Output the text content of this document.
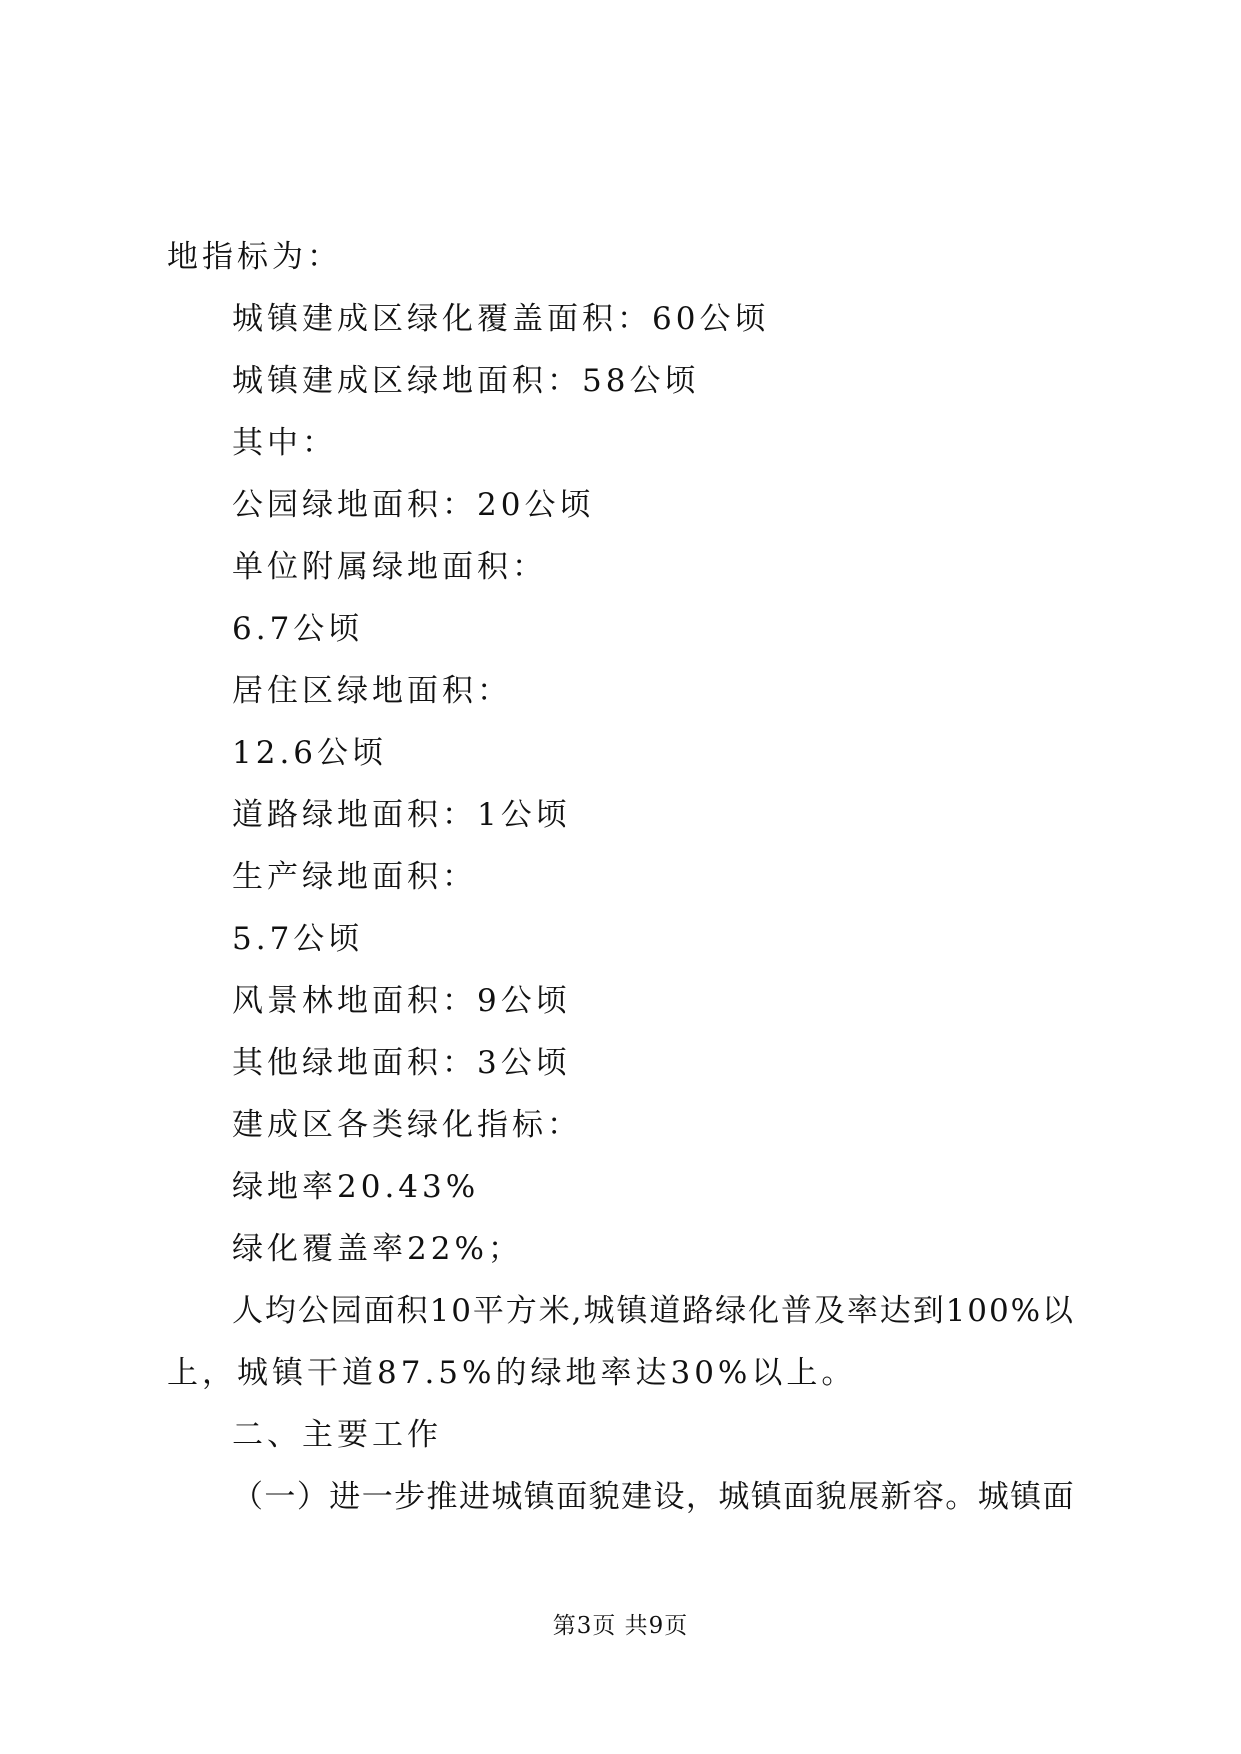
地指标为：
城镇建成区绿化覆盖面积：60公顷
城镇建成区绿地面积：58公顷
其中：
公园绿地面积：20公顷
单位附属绿地面积：
6.7公顷
居住区绿地面积：
12.6公顷
道路绿地面积：1公顷
生产绿地面积：
5.7公顷
风景林地面积：9公顷
其他绿地面积：3公顷
建成区各类绿化指标：
绿地率20.43%
绿化覆盖率22%；
人均公园面积10平方米,城镇道路绿化普及率达到100%以
上，城镇干道87.5%的绿地率达30%以上。
二、主要工作
（一）进一步推进城镇面貌建设，城镇面貌展新容。城镇面
第3页 共9页
